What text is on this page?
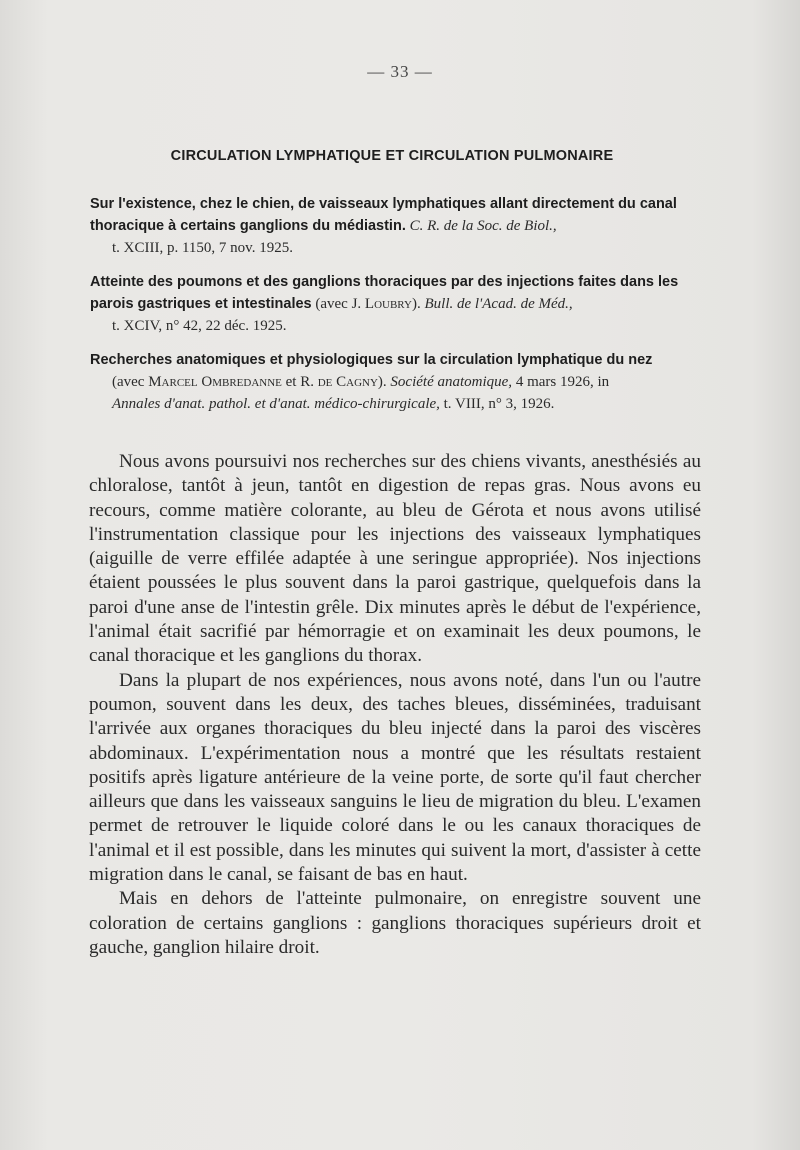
— 33 —
CIRCULATION LYMPHATIQUE ET CIRCULATION PULMONAIRE
Sur l'existence, chez le chien, de vaisseaux lymphatiques allant directement du canal thoracique à certains ganglions du médiastin. C. R. de la Soc. de Biol.,
t. XCIII, p. 1150, 7 nov. 1925.
Atteinte des poumons et des ganglions thoraciques par des injections faites dans les parois gastriques et intestinales (avec J. Loubry). Bull. de l'Acad. de Méd.,
t. XCIV, n° 42, 22 déc. 1925.
Recherches anatomiques et physiologiques sur la circulation lymphatique du nez
(avec Marcel Ombredanne et R. de Cagny). Société anatomique, 4 mars 1926, in
Annales d'anat. pathol. et d'anat. médico-chirurgicale, t. VIII, n° 3, 1926.

Nous avons poursuivi nos recherches sur des chiens vivants, anesthésiés au chloralose, tantôt à jeun, tantôt en digestion de repas gras. Nous avons eu recours, comme matière colorante, au bleu de Gérota et nous avons utilisé l'instrumentation classique pour les injections des vaisseaux lymphatiques (aiguille de verre effilée adaptée à une seringue appropriée). Nos injections étaient poussées le plus souvent dans la paroi gastrique, quelquefois dans la paroi d'une anse de l'intestin grêle. Dix minutes après le début de l'expérience, l'animal était sacrifié par hémorragie et on examinait les deux poumons, le canal thoracique et les ganglions du thorax.

Dans la plupart de nos expériences, nous avons noté, dans l'un ou l'autre poumon, souvent dans les deux, des taches bleues, disséminées, traduisant l'arrivée aux organes thoraciques du bleu injecté dans la paroi des viscères abdominaux. L'expérimentation nous a montré que les résultats restaient positifs après ligature antérieure de la veine porte, de sorte qu'il faut chercher ailleurs que dans les vaisseaux sanguins le lieu de migration du bleu. L'examen permet de retrouver le liquide coloré dans le ou les canaux thoraciques de l'animal et il est possible, dans les minutes qui suivent la mort, d'assister à cette migration dans le canal, se faisant de bas en haut.

Mais en dehors de l'atteinte pulmonaire, on enregistre souvent une coloration de certains ganglions : ganglions thoraciques supérieurs droit et gauche, ganglion hilaire droit.
